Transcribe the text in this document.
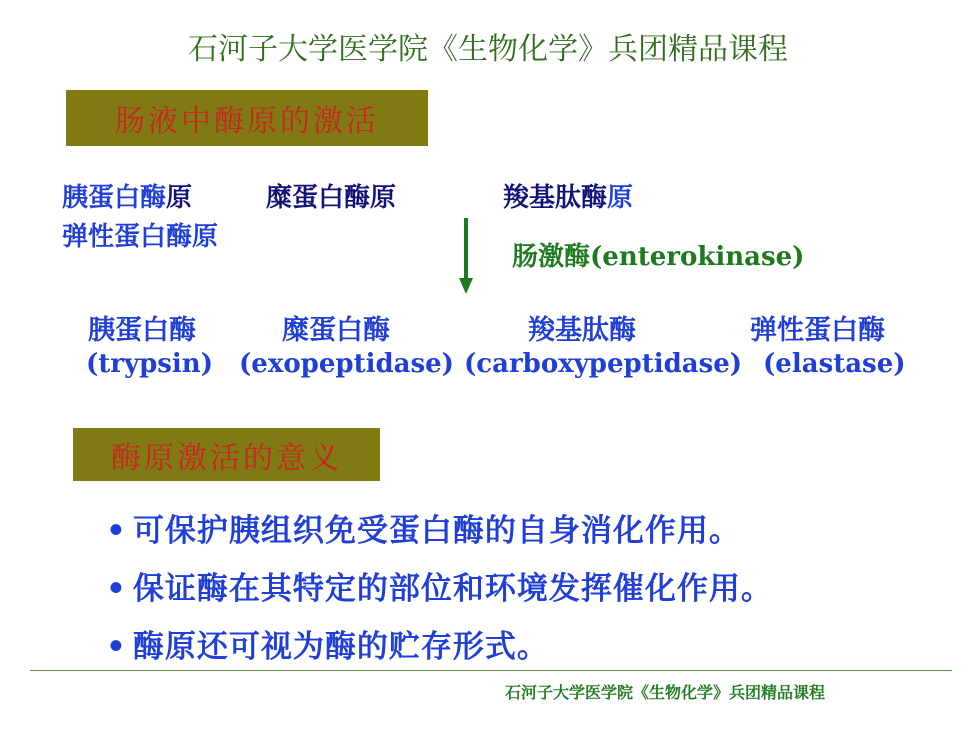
石河子大学医学院《生物化学》兵团精品课程
肠液中酶原的激活
胰蛋白酶原	糜蛋白酶原	羧基肽酶原
弹性蛋白酶原
肠激酶(enterokinase)
胰蛋白酶	糜蛋白酶	羧基肽酶	弹性蛋白酶
(trypsin) (exopeptidase) (carboxypeptidase) (elastase)
酶原激活的意义
• 可保护胰组织免受蛋白酶的自身消化作用。
• 保证酶在其特定的部位和环境发挥催化作用。
• 酶原还可视为酶的贮存形式。
石河子大学医学院《生物化学》兵团精品课程
